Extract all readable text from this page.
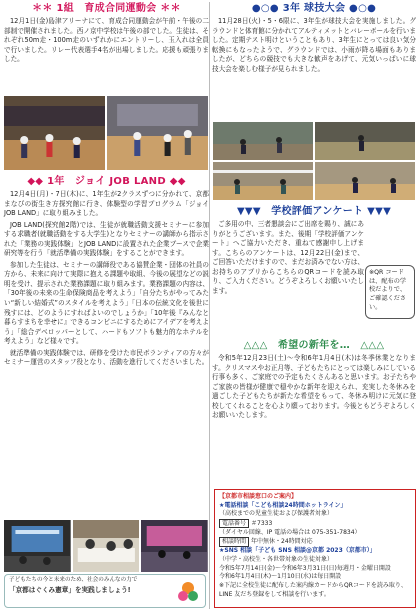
＊＊ 1組　育成合同運動会 ＊＊
12月1日(金)島津アリーナにて、育成合同運動会が午前・午後の二部制で開催されました。西ノ京中学校は午後の部でした。生徒は、それぞれ50m走・100m走のいずれかにエントリーし、玉入れは全員で行いました。リレー代表選手4名が出場しました。応援も頑張りました。
◆◆ 1年　ジョイ JOB LAND ◆◆
12月4日(月)・7日(木)に、1年生が2クラスずつに分かれて、京都まなびの街生き方探究館に行き、体験型の学習プログラム「ジョイJOB LAND」に取り組みました。
JOB LAND(探究館2階)では、生徒が就職活動支援セミナーに参加する求職者(就職活動をする大学生)となりセミナーの講師から指示された「業務の実践体験」とJOB LANDに設置された企業ブースで企業研究等を行う「就活準備の実践体験」をすることができます。
参加した生徒は、セミナーの講師役である協賛企業・団体の社員の方から、未来に向けて実際に抱える課題や取組、今後の展望などの説明を受け、提示された業務課題に取り組みます。業務課題の内容は、「30年後の未来の生命保険商品を考えよう」「自分たちがやってみたい“新しい結婚式”のスタイルを考えよう」「日本の伝統文化を後世に残すには、どのようにすればよいのでしょうか」「10年後『みんなと暮らすまちを幸せに』できるコンビニにするためにアイデアを考えよう」「総合デベロッパーとして、ハードもソフトも魅力的なホテルを考えよう」など様々です。
就活準備の実践体験では、研修を受けた市民ボランティアの方々がセミナー運営のスタッフ役となり、活動を進行してくださいました。
子どもたちの今と未来のため、社会のみんなの力で
「京都はぐくみ憲章」を実践しましょう!
●○● 3年 球技大会 ●○●
11月28日(火)・5・6限に、3年生が球技大会を実施しました。グラウンドと体育館に分かれてアルティメットとバレーボールを行いました。定期テスト明けということもあり、3年生にとっては良い気分転換にもなったようで、グラウンドでは、小雨が降る場面もありましたが、どちらの競技でも大きな歓声をあげて、元気いっぱいに球技大会を楽しむ様子が見られました。
▼▼▼　学校評価アンケート ▼▼▼
ご多用の中、三者懇談会にご出席を賜り、誠にありがとうございます。また、後期「学校評価アンケート」へご協力いただき、重ねて感謝申し上げます。こちらのアンケートは、12月22日(金)まで、ご回答いただけますので、まだお済みでない方は、お持ちのアプリからこちらのQRコードを読み取り、ご入力ください。どうぞよろしくお願いいたします。
※QR コードは、配布の学校だよりで、ご確認ください。
△△△　希望の新年を…　△△△
令和5年12月23日(土)〜令和6年1月4日(木)は冬季休業となります。クリスマスやお正月等、子どもたちにとっては楽しみにしている行事も多く、ご家庭での予定もたくさんあると思います。お子たちやご家族の皆様が健康で穏やかな新年を迎えられ、充実した冬休みを過ごした子どもたちが新たな希望をもって、冬休み明けに元気に登校してくれることを心より願っております。今後ともどうぞよろしくお願いいたします。
【京都市相談窓口のご案内】
★電話相談「こども相談24時間ホットライン」
（高校までの児童生徒および保護者対象）
電話番号 ＃7333
（ダイヤル回線、IP 電話の場合は 075-351-7834）
相談時間 年中無休・24時間対応
★SNS 相談「子ども SNS 相談@京都 2023（京都市）」
（中学・高校生・各世帯対象の生徒対象）
令和5年7月14日(金)〜令和6年3月31日(日)毎週月・金曜日開設
令和6年1月4日(木)〜1月10日(水)は毎日開設
※下記に全校生徒に配布した案内線カードからQRコードを読み取り、LINE 友だち登録をして相談を行います。
